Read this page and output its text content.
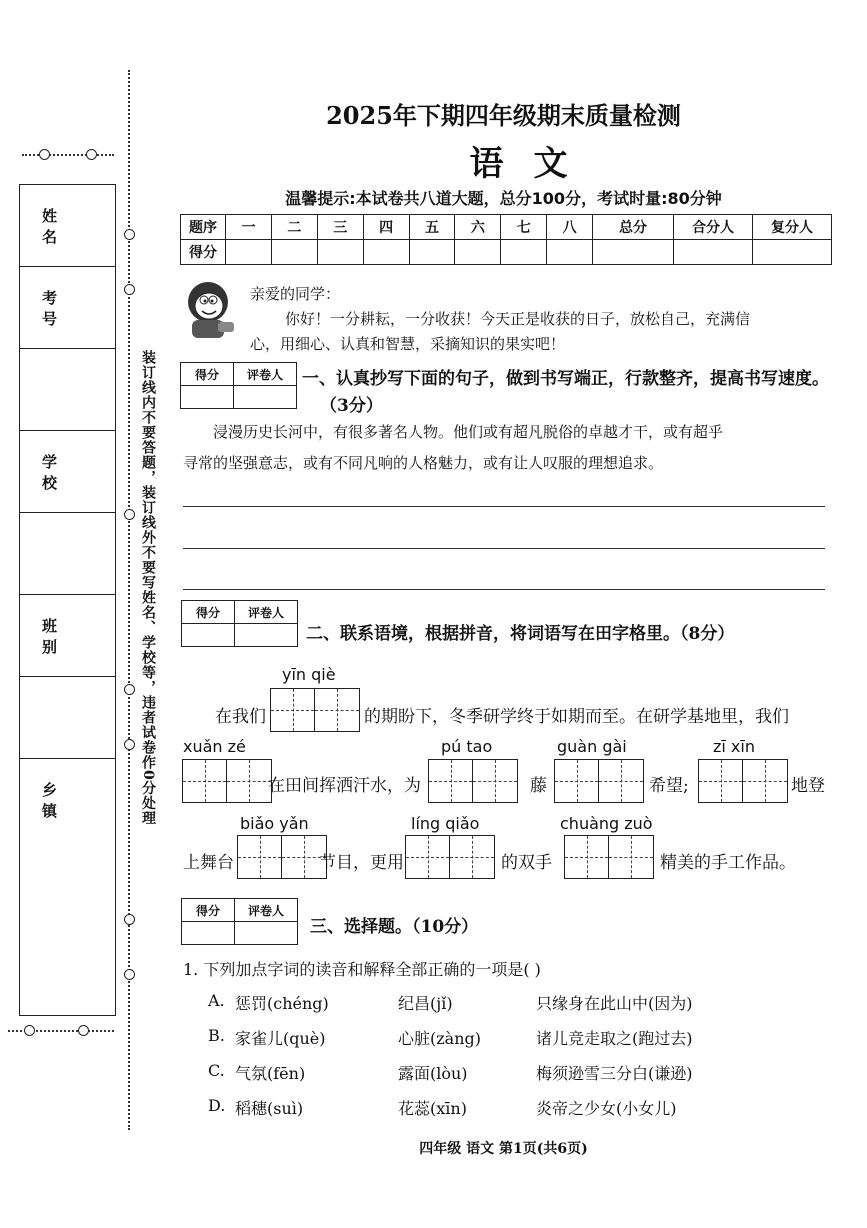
装订线内不要答题，装订线外不要写姓名、学校等，违者试卷作0分处理
姓名
考号
学校
班别
乡镇
2025年下期四年级期末质量检测
语文
温馨提示:本试卷共八道大题，总分100分，考试时量:80分钟
题序	一	二	三	四	五	六	七	八	总分	合分人	复分人
得分											
亲爱的同学：
你好！一分耕耘，一分收获！今天正是收获的日子，放松自己，充满信
心，用细心、认真和智慧，采摘知识的果实吧！
得分	评卷人
	一、认真抄写下面的句子，做到书写端正，行款整齐，提高书写速度。
（3分）
浸漫历史长河中，有很多著名人物。他们或有超凡脱俗的卓越才干，或有超乎
寻常的坚强意志，或有不同凡响的人格魅力，或有让人叹服的理想追求。
得分	评卷人

二、联系语境，根据拼音，将词语写在田字格里。（8分）
yīn qiè
在我们	的期盼下，冬季研学终于如期而至。在研学基地里，我们
xuǎn zé
在田间挥洒汗水，为
pú tao
藤
guàn gài
希望;
zī xīn
地登
biǎo yǎn
上舞台	节目，更用
líng qiǎo
的双手
chuàng zuò
精美的手工作品。
得分	评卷人

三、选择题。（10分）
1. 下列加点字词的读音和解释全部正确的一项是( )
A. 惩罚(chéng)	纪昌(jǐ)	只缘身在此山中(因为)
B. 家雀儿(què)	心脏(zàng)	诸儿竞走取之(跑过去)
C. 气氛(fēn)	露面(lòu)	梅须逊雪三分白(谦逊)
D. 稻穗(suì)	花蕊(xīn)	炎帝之少女(小女儿)
四年级 语文 第1页(共6页)
